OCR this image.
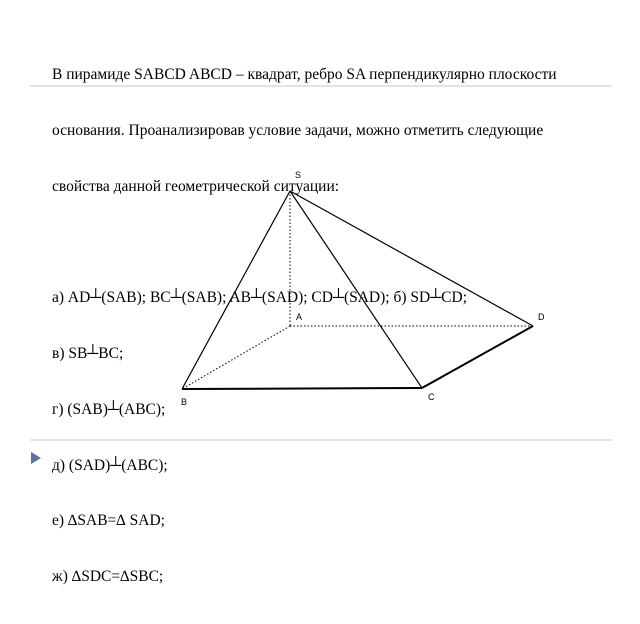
В пирамиде SABCD ABCD – квадрат, ребро SA перпендикулярно плоскости

основания. Проанализировав условие задачи, можно отметить следующие

свойства данной геометрической ситуации:

а) AD┴(SAB); BC┴(SAB); AB┴(SAD); CD┴(SAD); б) SD┴CD;

в) SB┴BC;

г) (SAB)┴(ABC);

д) (SAD)┴(ABC);

е) ∆SAB=∆ SAD;

ж) ∆SDC=∆SBC;

S
A	D
C
B
